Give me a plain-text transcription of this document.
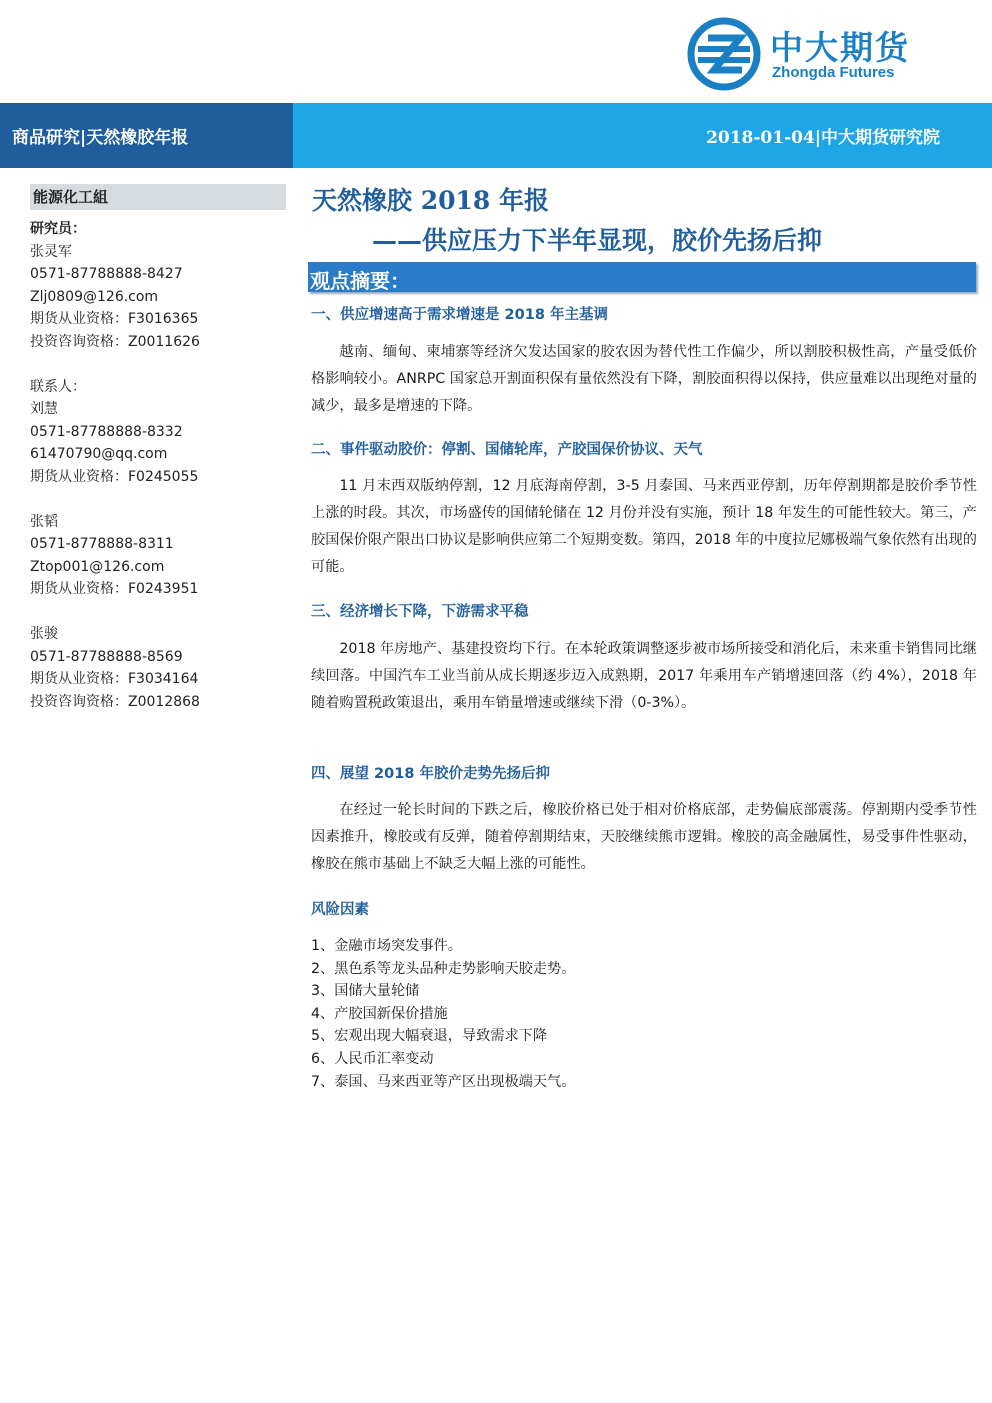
中大期货
Zhongda Futures
商品研究|天然橡胶年报	2018-01-04|中大期货研究院
能源化工組
研究员：
张灵军
0571-87788888-8427
Zlj0809@126.com
期货从业资格：F3016365
投资咨询资格：Z0011626
联系人：
刘慧
0571-87788888-8332
61470790@qq.com
期货从业资格：F0245055
张韬
0571-8778888-8311
Ztop001@126.com
期货从业资格：F0243951
张骏
0571-87788888-8569
期货从业资格：F3034164
投资咨询资格：Z0012868
天然橡胶 2018 年报
——供应压力下半年显现，胶价先扬后抑
观点摘要：
一、供应增速高于需求增速是 2018 年主基调
越南、缅甸、柬埔寨等经济欠发达国家的胶农因为替代性工作偏少，所以割胶积极性高，产量受低价格影响较小。ANRPC 国家总开割面积保有量依然没有下降，割胶面积得以保持，供应量难以出现绝对量的减少，最多是增速的下降。
二、事件驱动胶价：停割、国储轮库，产胶国保价协议、天气
11 月末西双版纳停割，12 月底海南停割，3-5 月泰国、马来西亚停割，历年停割期都是胶价季节性上涨的时段。其次，市场盛传的国储轮储在 12 月份并没有实施，预计 18 年发生的可能性较大。第三，产胶国保价限产限出口协议是影响供应第二个短期变数。第四，2018 年的中度拉尼娜极端气象依然有出现的可能。
三、经济增长下降，下游需求平稳
2018 年房地产、基建投资均下行。在本轮政策调整逐步被市场所接受和消化后，未来重卡销售同比继续回落。中国汽车工业当前从成长期逐步迈入成熟期，2017 年乘用车产销增速回落（约 4%），2018 年随着购置税政策退出，乘用车销量增速或继续下滑（0-3%）。
四、展望 2018 年胶价走势先扬后抑
在经过一轮长时间的下跌之后，橡胶价格已处于相对价格底部，走势偏底部震荡。停割期内受季节性因素推升，橡胶或有反弹，随着停割期结束，天胶继续熊市逻辑。橡胶的高金融属性，易受事件性驱动，橡胶在熊市基础上不缺乏大幅上涨的可能性。
风险因素
1、金融市场突发事件。
2、黑色系等龙头品种走势影响天胶走势。
3、国储大量轮储
4、产胶国新保价措施
5、宏观出现大幅衰退，导致需求下降
6、人民币汇率变动
7、泰国、马来西亚等产区出现极端天气。
